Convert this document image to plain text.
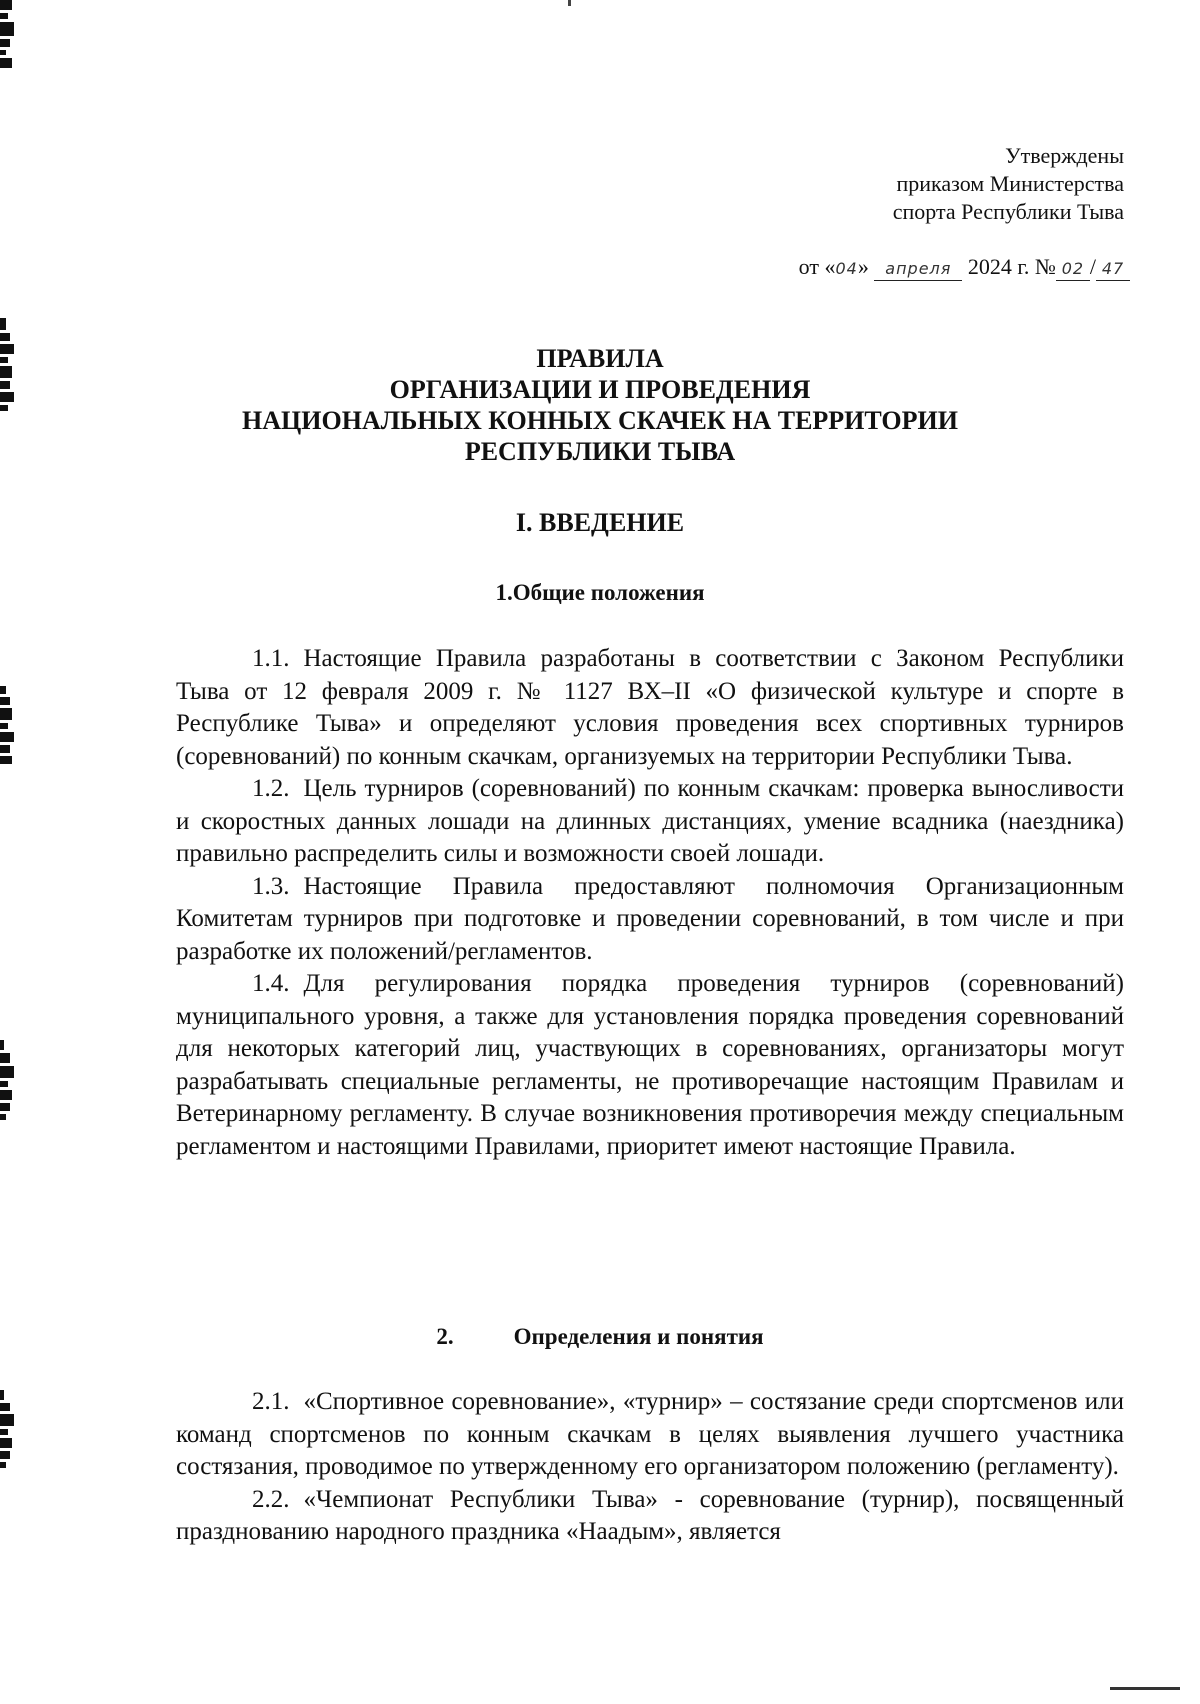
Утверждены
приказом Министерства
спорта Республики Тыва
от «04» апреля 2024 г. № 02 / 47
ПРАВИЛА
ОРГАНИЗАЦИИ И ПРОВЕДЕНИЯ
НАЦИОНАЛЬНЫХ КОННЫХ СКАЧЕК НА ТЕРРИТОРИИ
РЕСПУБЛИКИ ТЫВА
I. ВВЕДЕНИЕ
1.Общие положения

1.1. Настоящие Правила разработаны в соответствии с Законом Республики Тыва от 12 февраля 2009 г. № 1127 ВХ–II «О физической культуре и спорте в Республике Тыва» и определяют условия проведения всех спортивных турниров (соревнований) по конным скачкам, организуемых на территории Республики Тыва.

1.2. Цель турниров (соревнований) по конным скачкам: проверка выносливости и скоростных данных лошади на длинных дистанциях, умение всадника (наездника) правильно распределить силы и возможности своей лошади.

1.3. Настоящие Правила предоставляют полномочия Организационным Комитетам турниров при подготовке и проведении соревнований, в том числе и при разработке их положений/регламентов.

1.4. Для регулирования порядка проведения турниров (соревнований) муниципального уровня, а также для установления порядка проведения соревнований для некоторых категорий лиц, участвующих в соревнованиях, организаторы могут разрабатывать специальные регламенты, не противоречащие настоящим Правилам и Ветеринарному регламенту. В случае возникновения противоречия между специальным регламентом и настоящими Правилами, приоритет имеют настоящие Правила.

2.	Определения и понятия

2.1. «Спортивное соревнование», «турнир» – состязание среди спортсменов или команд спортсменов по конным скачкам в целях выявления лучшего участника состязания, проводимое по утвержденному его организатором положению (регламенту).

2.2. «Чемпионат Республики Тыва» - соревнование (турнир), посвященный празднованию народного праздника «Наадым», является
